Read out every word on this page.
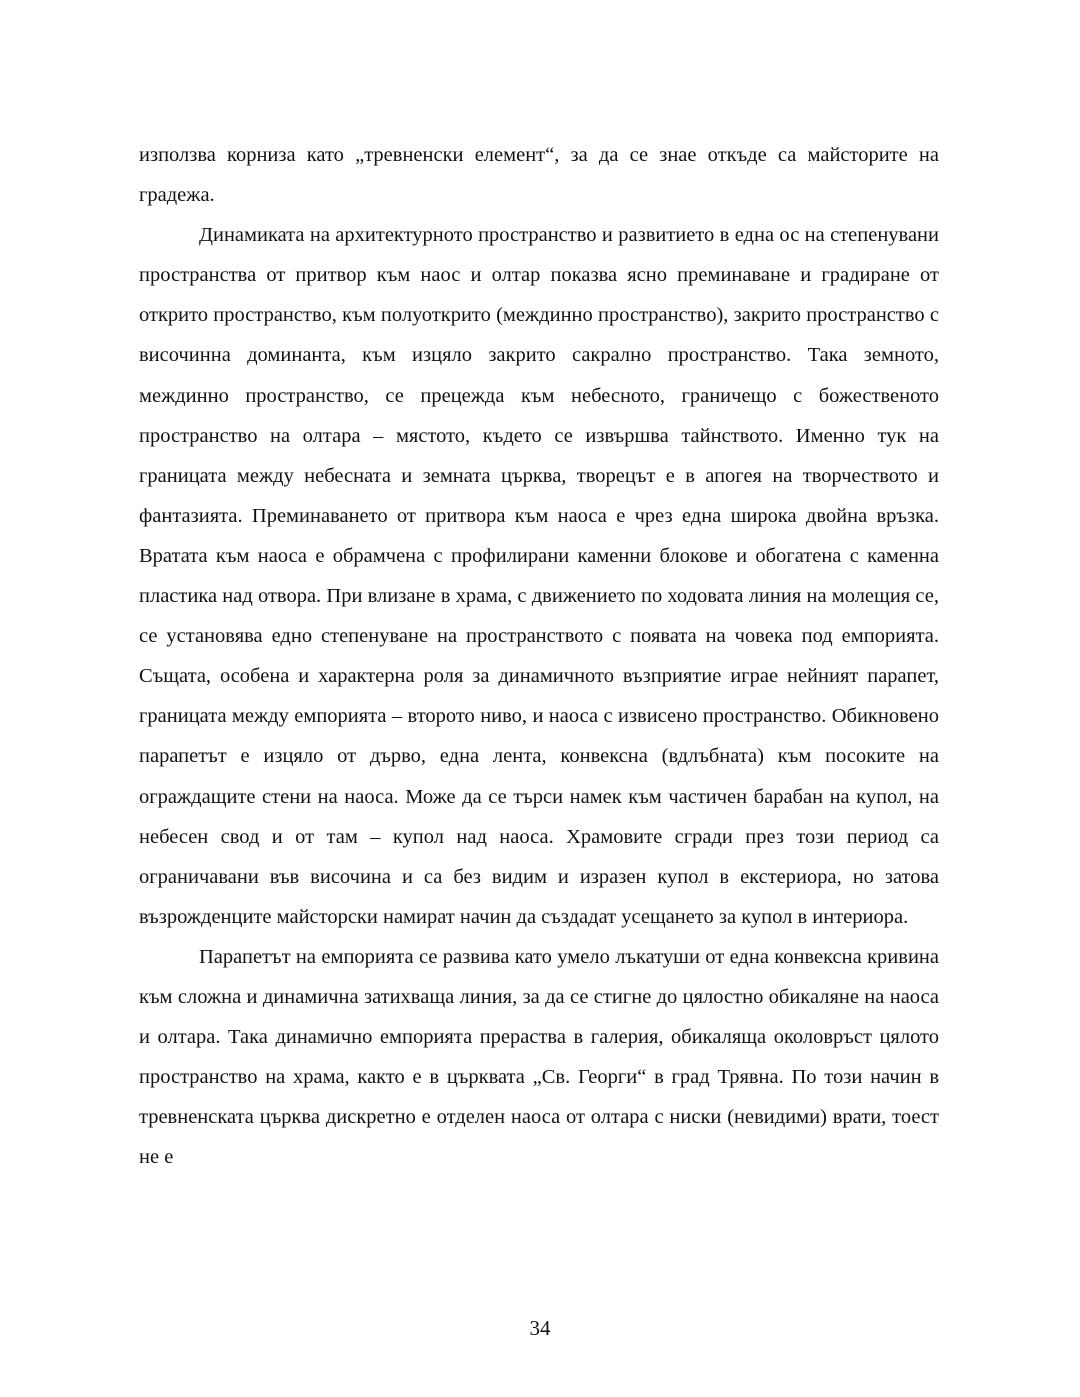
използва корниза като „тревненски елемент“, за да се знае откъде са майсторите на градежа.

Динамиката на архитектурното пространство и развитието в една ос на степенувани пространства от притвор към наос и олтар показва ясно преминаване и градиране от открито пространство, към полуоткрито (междинно пространство), закрито пространство с височинна доминанта, към изцяло закрито сакрално пространство. Така земното, междинно пространство, се прецежда към небесното, граничещо с божественото пространство на олтара – мястото, където се извършва тайнството. Именно тук на границата между небесната и земната църква, творецът е в апогея на творчеството и фантазията. Преминаването от притвора към наоса е чрез една широка двойна връзка. Вратата към наоса е обрамчена с профилирани каменни блокове и обогатена с каменна пластика над отвора. При влизане в храма, с движението по ходовата линия на молещия се, се установява едно степенуване на пространството с появата на човека под емпорията. Същата, особена и характерна роля за динамичното възприятие играе нейният парапет, границата между емпорията – второто ниво, и наоса с извисено пространство. Обикновено парапетът е изцяло от дърво, една лента, конвексна (вдлъбната) към посоките на ограждащите стени на наоса. Може да се търси намек към частичен барабан на купол, на небесен свод и от там – купол над наоса. Храмовите сгради през този период са ограничавани във височина и са без видим и изразен купол в екстериора, но затова възрожденците майсторски намират начин да създадат усещането за купол в интериора.

Парапетът на емпорията се развива като умело лъкатуши от една конвексна кривина към сложна и динамична затихваща линия, за да се стигне до цялостно обикаляне на наоса и олтара. Така динамично емпорията прераства в галерия, обикаляща околовръст цялото пространство на храма, както е в църквата „Св. Георги“ в град Трявна. По този начин в тревненската църква дискретно е отделен наоса от олтара с ниски (невидими) врати, тоест не е

34
